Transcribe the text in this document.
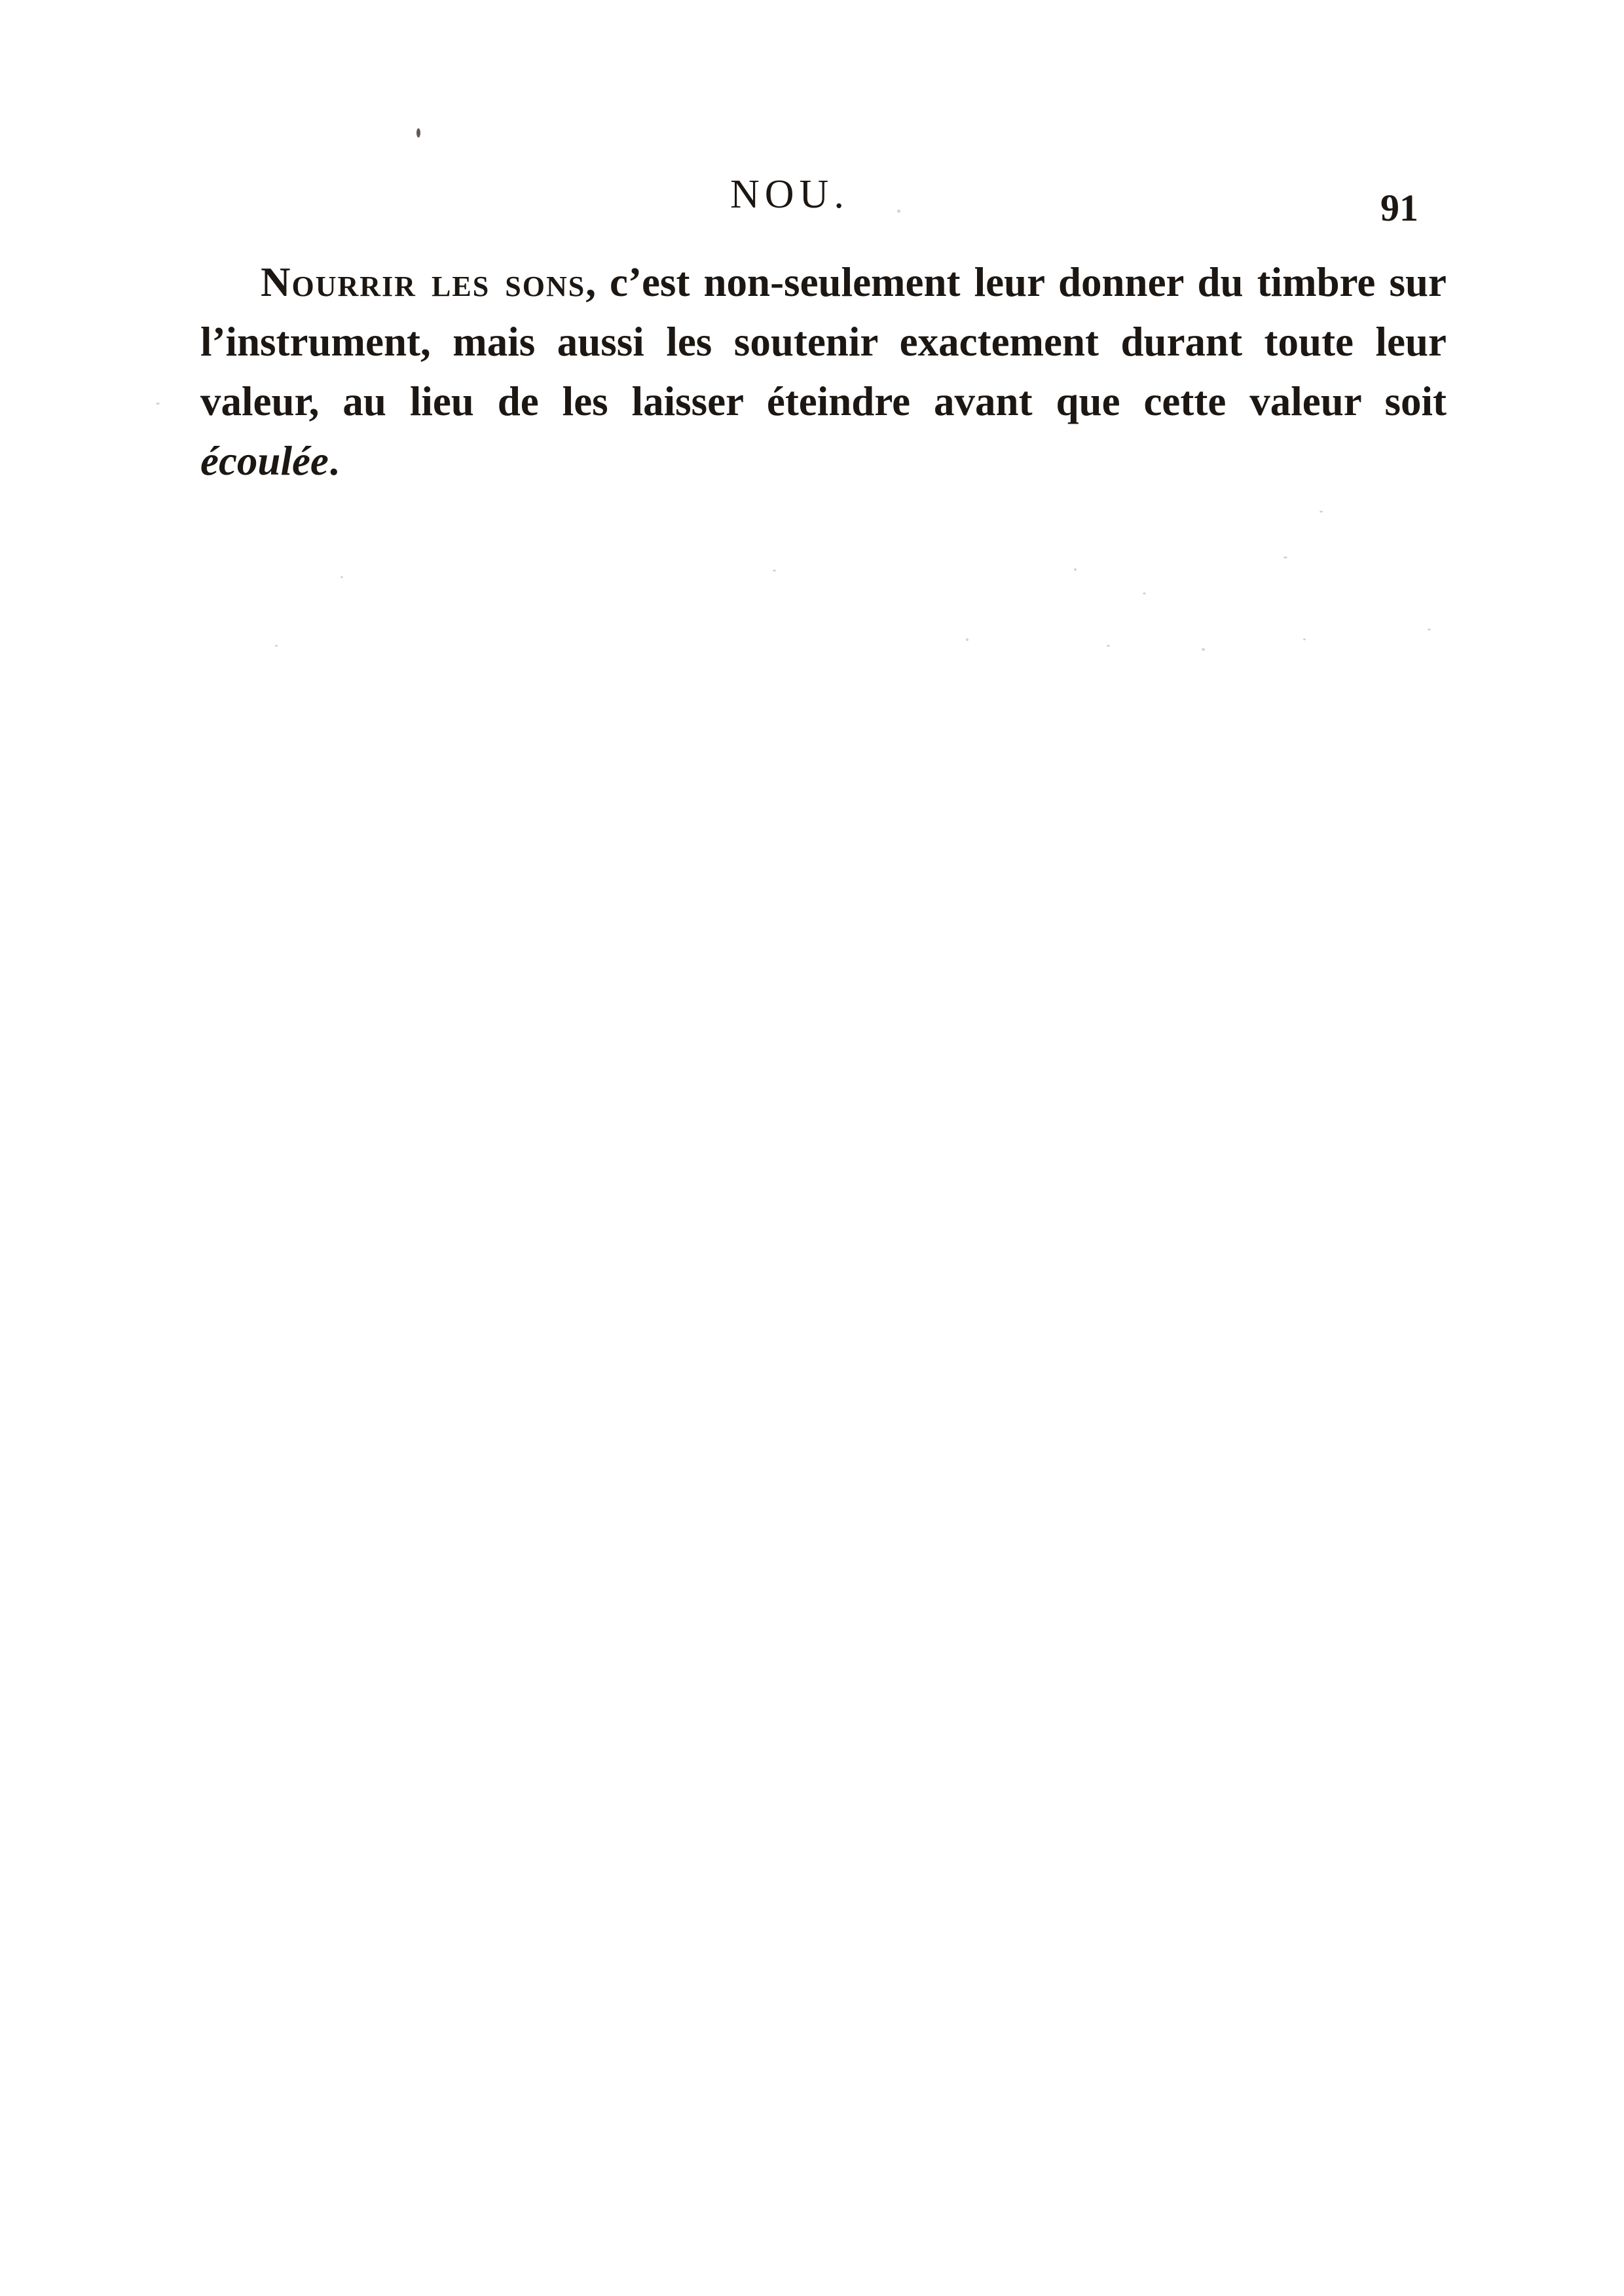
NOU.	91

Nourrir les sons, c’est non-seulement leur donner du timbre sur l’instrument, mais aussi les soutenir exactement durant toute leur valeur, au lieu de les laisser éteindre avant que cette valeur soit écoulée.
